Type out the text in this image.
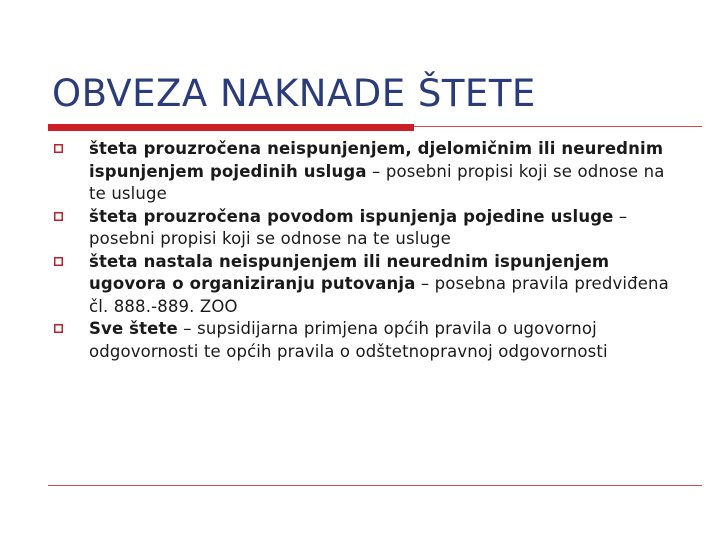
OBVEZA NAKNADE ŠTETE
šteta prouzročena neispunjenjem, djelomičnim ili neurednim ispunjenjem pojedinih usluga – posebni propisi koji se odnose na te usluge
šteta prouzročena povodom ispunjenja pojedine usluge – posebni propisi koji se odnose na te usluge
šteta nastala neispunjenjem ili neurednim ispunjenjem ugovora o organiziranju putovanja – posebna pravila predviđena čl. 888.-889. ZOO
Sve štete – supsidijarna primjena općih pravila o ugovornoj odgovornosti te općih pravila o odštetnopravnoj odgovornosti
